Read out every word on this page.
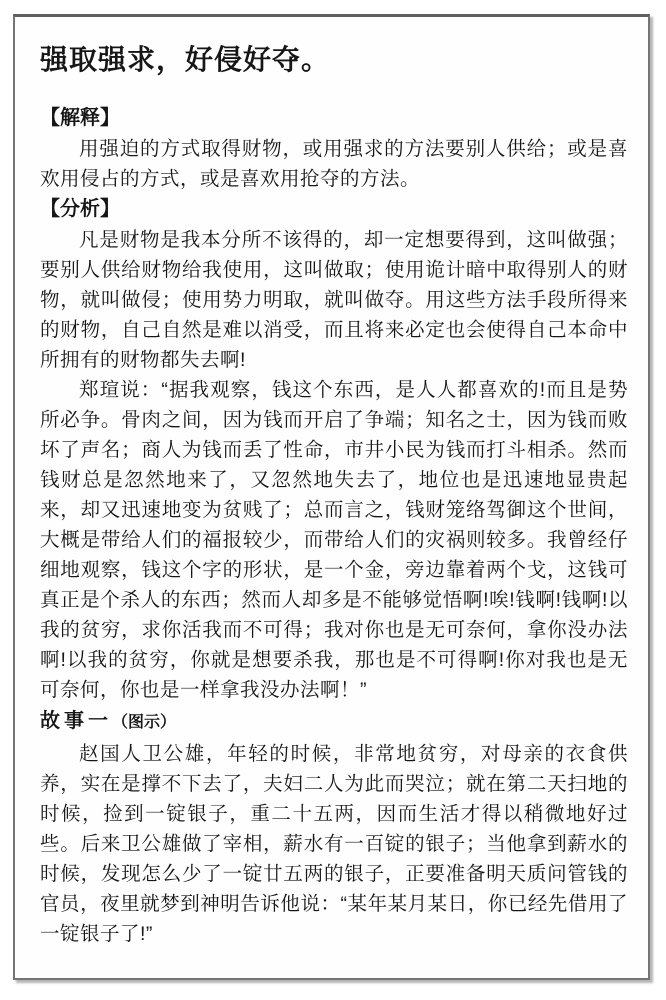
强取强求，好侵好夺。
【解释】

用强迫的方式取得财物，或用强求的方法要别人供给；或是喜欢用侵占的方式，或是喜欢用抢夺的方法。

【分析】

凡是财物是我本分所不该得的，却一定想要得到，这叫做强；要别人供给财物给我使用，这叫做取；使用诡计暗中取得别人的财物，就叫做侵；使用势力明取，就叫做夺。用这些方法手段所得来的财物，自己自然是难以消受，而且将来必定也会使得自己本命中所拥有的财物都失去啊!

郑瑄说：“据我观察，钱这个东西，是人人都喜欢的!而且是势所必争。骨肉之间，因为钱而开启了争端；知名之士，因为钱而败坏了声名；商人为钱而丢了性命，市井小民为钱而打斗相杀。然而钱财总是忽然地来了，又忽然地失去了，地位也是迅速地显贵起来，却又迅速地变为贫贱了；总而言之，钱财笼络驾御这个世间，大概是带给人们的福报较少，而带给人们的灾祸则较多。我曾经仔细地观察，钱这个字的形状，是一个金，旁边靠着两个戈，这钱可真正是个杀人的东西；然而人却多是不能够觉悟啊!唉!钱啊!钱啊!以我的贫穷，求你活我而不可得；我对你也是无可奈何，拿你没办法啊!以我的贫穷，你就是想要杀我，那也是不可得啊!你对我也是无可奈何，你也是一样拿我没办法啊！”

故事一（图示）

赵国人卫公雄，年轻的时候，非常地贫穷，对母亲的衣食供养，实在是撑不下去了，夫妇二人为此而哭泣；就在第二天扫地的时候，捡到一锭银子，重二十五两，因而生活才得以稍微地好过些。后来卫公雄做了宰相，薪水有一百锭的银子；当他拿到薪水的时候，发现怎么少了一锭廿五两的银子，正要准备明天质问管钱的官员，夜里就梦到神明告诉他说：“某年某月某日，你已经先借用了一锭银子了!”
